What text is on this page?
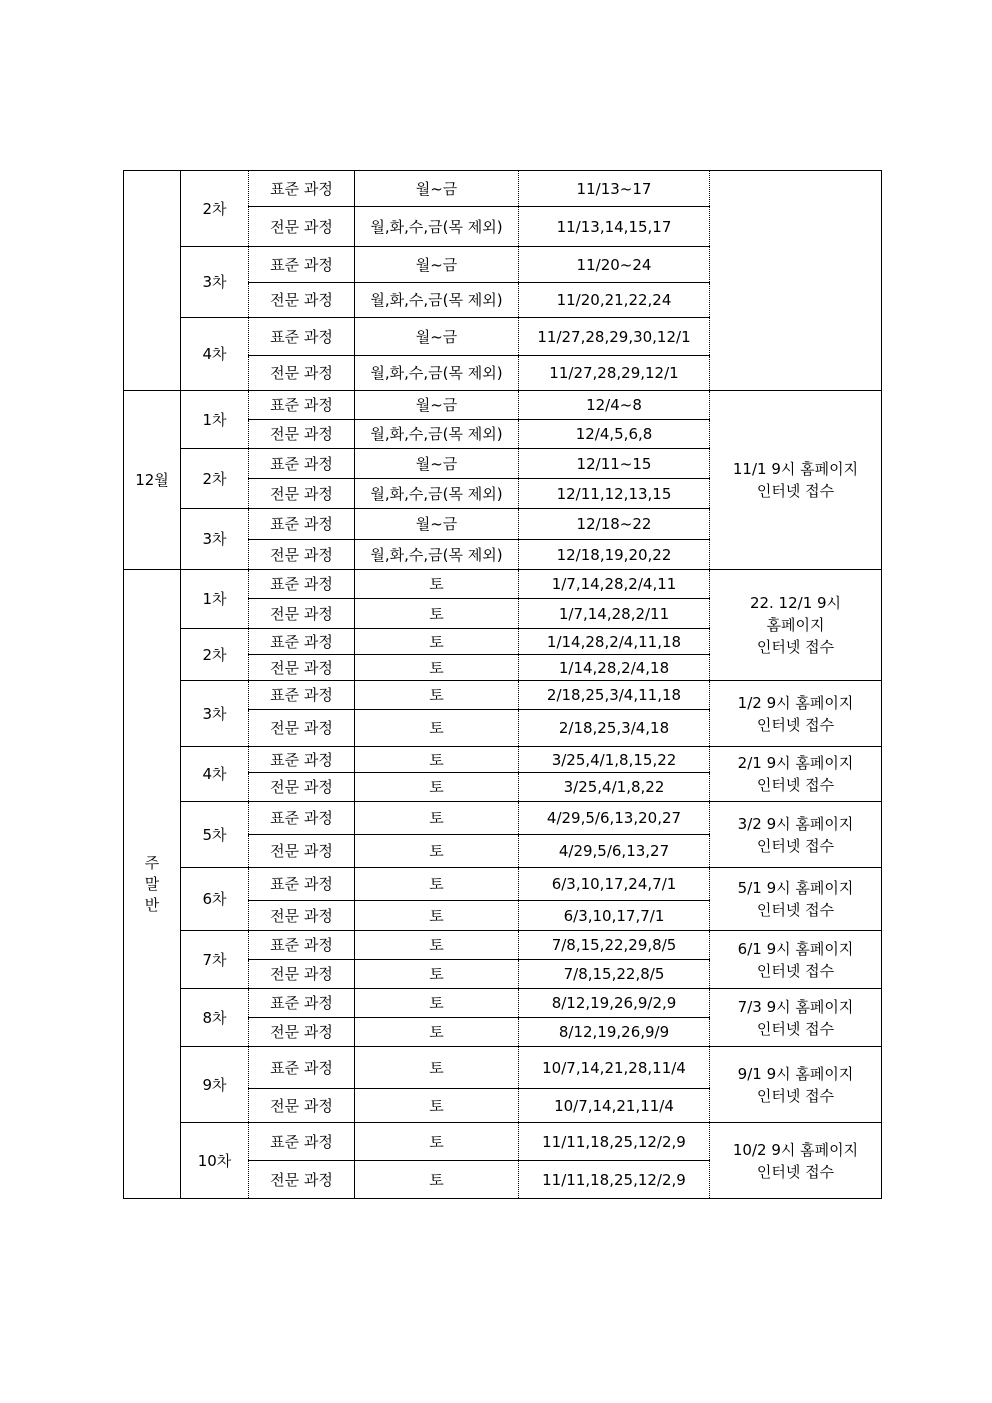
	2차	표준 과정	월~금	11/13~17	
		전문 과정	월,화,수,금(목 제외)	11/13,14,15,17	
	3차	표준 과정	월~금	11/20~24	
		전문 과정	월,화,수,금(목 제외)	11/20,21,22,24	
	4차	표준 과정	월~금	11/27,28,29,30,12/1	
		전문 과정	월,화,수,금(목 제외)	11/27,28,29,12/1	
12월	1차	표준 과정	월~금	12/4~8	11/1 9시 홈페이지
인터넷 접수

		전문 과정	월,화,수,금(목 제외)	12/4,5,6,8	
	2차	표준 과정	월~금	12/11~15	
		전문 과정	월,화,수,금(목 제외)	12/11,12,13,15	
	3차	표준 과정	월~금	12/18~22	
		전문 과정	월,화,수,금(목 제외)	12/18,19,20,22	
주말반	1차	표준 과정	토	1/7,14,28,2/4,11	22. 12/1 9시
홈페이지
인터넷 접수

		전문 과정	토	1/7,14,28,2/11	
	2차	표준 과정	토	1/14,28,2/4,11,18	
		전문 과정	토	1/14,28,2/4,18	
	3차	표준 과정	토	2/18,25,3/4,11,18	1/2 9시 홈페이지
인터넷 접수

		전문 과정	토	2/18,25,3/4,18	
	4차	표준 과정	토	3/25,4/1,8,15,22	2/1 9시 홈페이지
인터넷 접수

		전문 과정	토	3/25,4/1,8,22	
	5차	표준 과정	토	4/29,5/6,13,20,27	3/2 9시 홈페이지
인터넷 접수

		전문 과정	토	4/29,5/6,13,27	
	6차	표준 과정	토	6/3,10,17,24,7/1	5/1 9시 홈페이지
인터넷 접수

		전문 과정	토	6/3,10,17,7/1	
	7차	표준 과정	토	7/8,15,22,29,8/5	6/1 9시 홈페이지
인터넷 접수

		전문 과정	토	7/8,15,22,8/5	
	8차	표준 과정	토	8/12,19,26,9/2,9	7/3 9시 홈페이지
인터넷 접수

		전문 과정	토	8/12,19,26,9/9	
	9차	표준 과정	토	10/7,14,21,28,11/4	9/1 9시 홈페이지
인터넷 접수

		전문 과정	토	10/7,14,21,11/4	
	10차	표준 과정	토	11/11,18,25,12/2,9	10/2 9시 홈페이지
인터넷 접수

		전문 과정	토	11/11,18,25,12/2,9	
